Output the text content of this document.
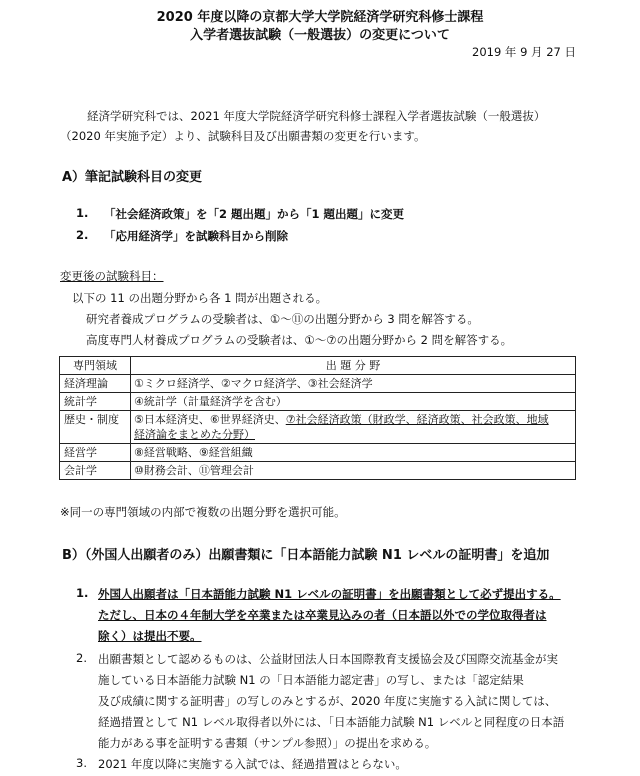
2020 年度以降の京都大学大学院経済学研究科修士課程
入学者選抜試験（一般選抜）の変更について
2019 年 9 月 27 日
経済学研究科では、2021 年度大学院経済学研究科修士課程入学者選抜試験（一般選抜）
（2020 年実施予定）より、試験科目及び出願書類の変更を行います。
A）筆記試験科目の変更
1. 「社会経済政策」を「2 題出題」から「1 題出題」に変更
2. 「応用経済学」を試験科目から削除
変更後の試験科目：
以下の 11 の出題分野から各 1 問が出題される。
研究者養成プログラムの受験者は、①〜⑪の出題分野から 3 問を解答する。
高度専門人材養成プログラムの受験者は、①〜⑦の出題分野から 2 問を解答する。
専門領域	出 題 分 野
経済理論	①ミクロ経済学、②マクロ経済学、③社会経済学
統計学	④統計学（計量経済学を含む）
歴史・制度	⑤日本経済史、⑥世界経済史、⑦社会経済政策（財政学、経済政策、社会政策、地域
経済論をまとめた分野）
経営学	⑧経営戦略、⑨経営組織
会計学	⑩財務会計、⑪管理会計
※同一の専門領域の内部で複数の出題分野を選択可能。
B）（外国人出願者のみ）出願書類に「日本語能力試験 N1 レベルの証明書」を追加
1. 外国人出願者は「日本語能力試験 N1 レベルの証明書」を出願書類として必ず提出する。
ただし、日本の４年制大学を卒業または卒業見込みの者（日本語以外での学位取得者は
除く）は提出不要。
2. 出願書類として認めるものは、公益財団法人日本国際教育支援協会及び国際交流基金が実
施している日本語能力試験 N1 の「日本語能力認定書」の写し、または「認定結果
及び成績に関する証明書」の写しのみとするが、2020 年度に実施する入試に関しては、
経過措置として N1 レベル取得者以外には、「日本語能力試験 N1 レベルと同程度の日本語
能力がある事を証明する書類（サンプル参照）」の提出を求める。
3. 2021 年度以降に実施する入試では、経過措置はとらない。
